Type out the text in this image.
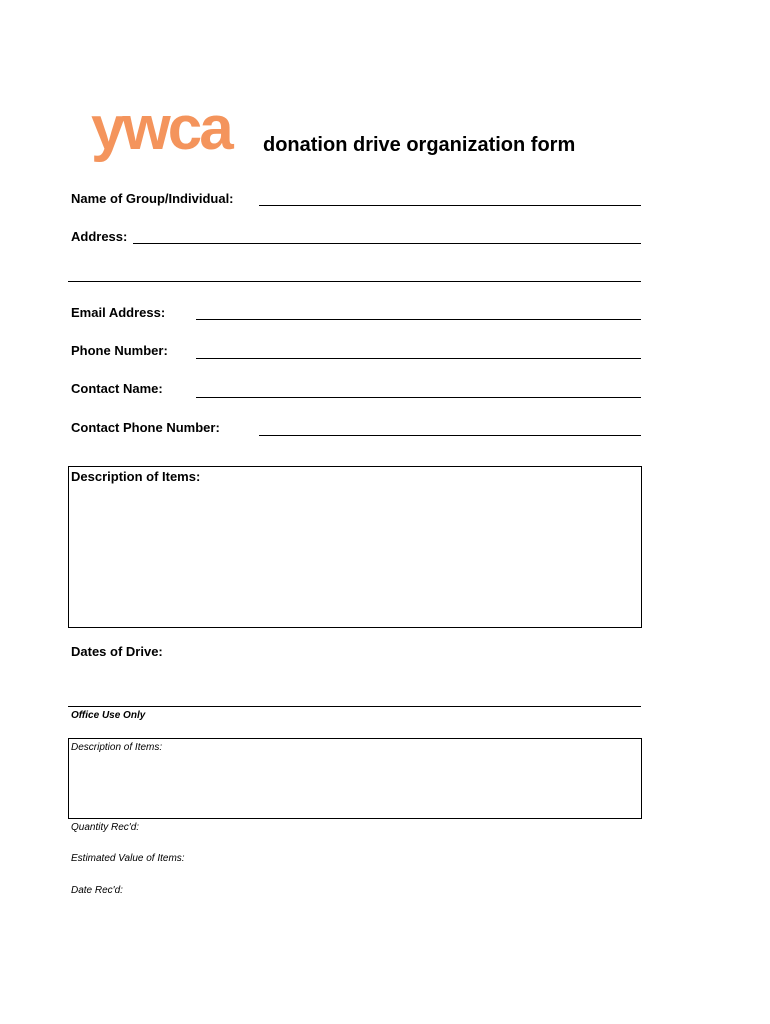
ywca donation drive organization form
Name of Group/Individual:
Address:
Email Address:
Phone Number:
Contact Name:
Contact Phone Number:
Description of Items:
Dates of Drive:
Office Use Only
Description of Items:
Quantity Rec'd:
Estimated Value of Items:
Date Rec'd:
